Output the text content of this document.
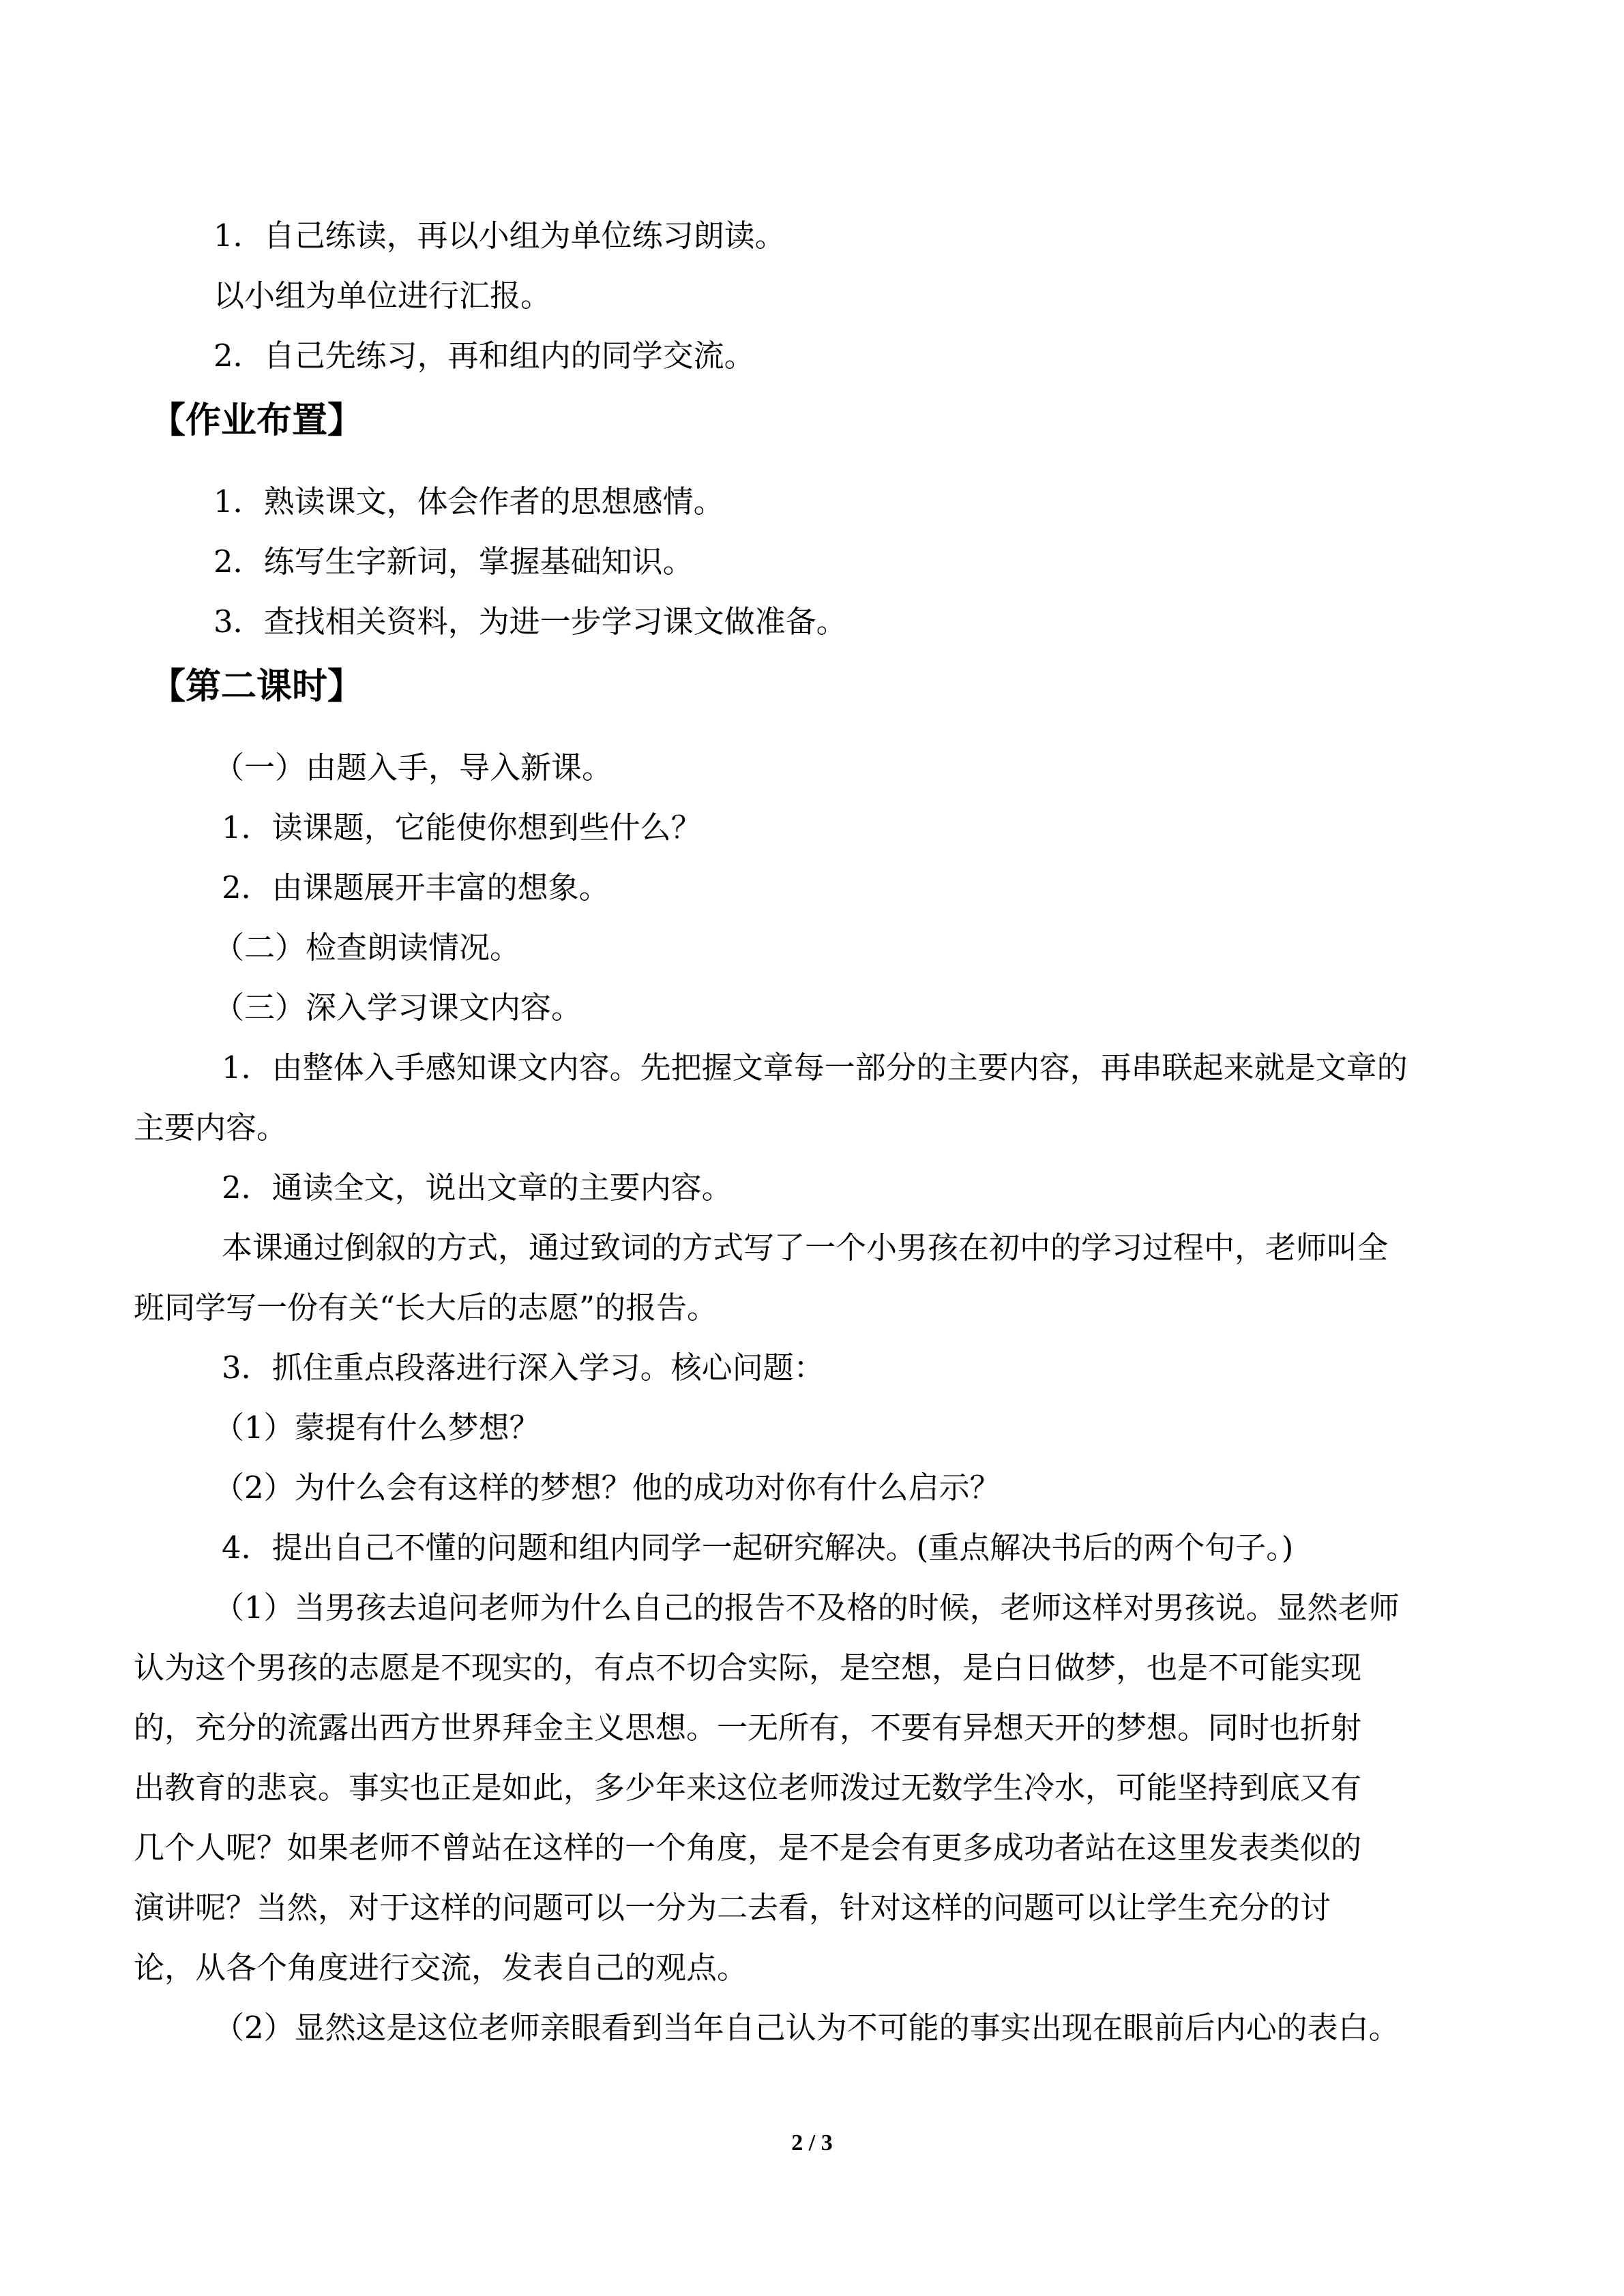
1．自己练读，再以小组为单位练习朗读。
以小组为单位进行汇报。
2．自己先练习，再和组内的同学交流。
【作业布置】
1．熟读课文，体会作者的思想感情。
2．练写生字新词，掌握基础知识。
3．查找相关资料，为进一步学习课文做准备。
【第二课时】
（一）由题入手，导入新课。
1．读课题，它能使你想到些什么？
2．由课题展开丰富的想象。
（二）检查朗读情况。
（三）深入学习课文内容。
1．由整体入手感知课文内容。先把握文章每一部分的主要内容，再串联起来就是文章的
主要内容。
2．通读全文，说出文章的主要内容。
本课通过倒叙的方式，通过致词的方式写了一个小男孩在初中的学习过程中，老师叫全
班同学写一份有关“长大后的志愿”的报告。
3．抓住重点段落进行深入学习。核心问题：
（1）蒙提有什么梦想？
（2）为什么会有这样的梦想？他的成功对你有什么启示？
4．提出自己不懂的问题和组内同学一起研究解决。(重点解决书后的两个句子。)
（1）当男孩去追问老师为什么自己的报告不及格的时候，老师这样对男孩说。显然老师
认为这个男孩的志愿是不现实的，有点不切合实际，是空想，是白日做梦，也是不可能实现
的，充分的流露出西方世界拜金主义思想。一无所有，不要有异想天开的梦想。同时也折射
出教育的悲哀。事实也正是如此，多少年来这位老师泼过无数学生冷水，可能坚持到底又有
几个人呢？如果老师不曾站在这样的一个角度，是不是会有更多成功者站在这里发表类似的
演讲呢？当然，对于这样的问题可以一分为二去看，针对这样的问题可以让学生充分的讨
论，从各个角度进行交流，发表自己的观点。
（2）显然这是这位老师亲眼看到当年自己认为不可能的事实出现在眼前后内心的表白。
2 / 3
